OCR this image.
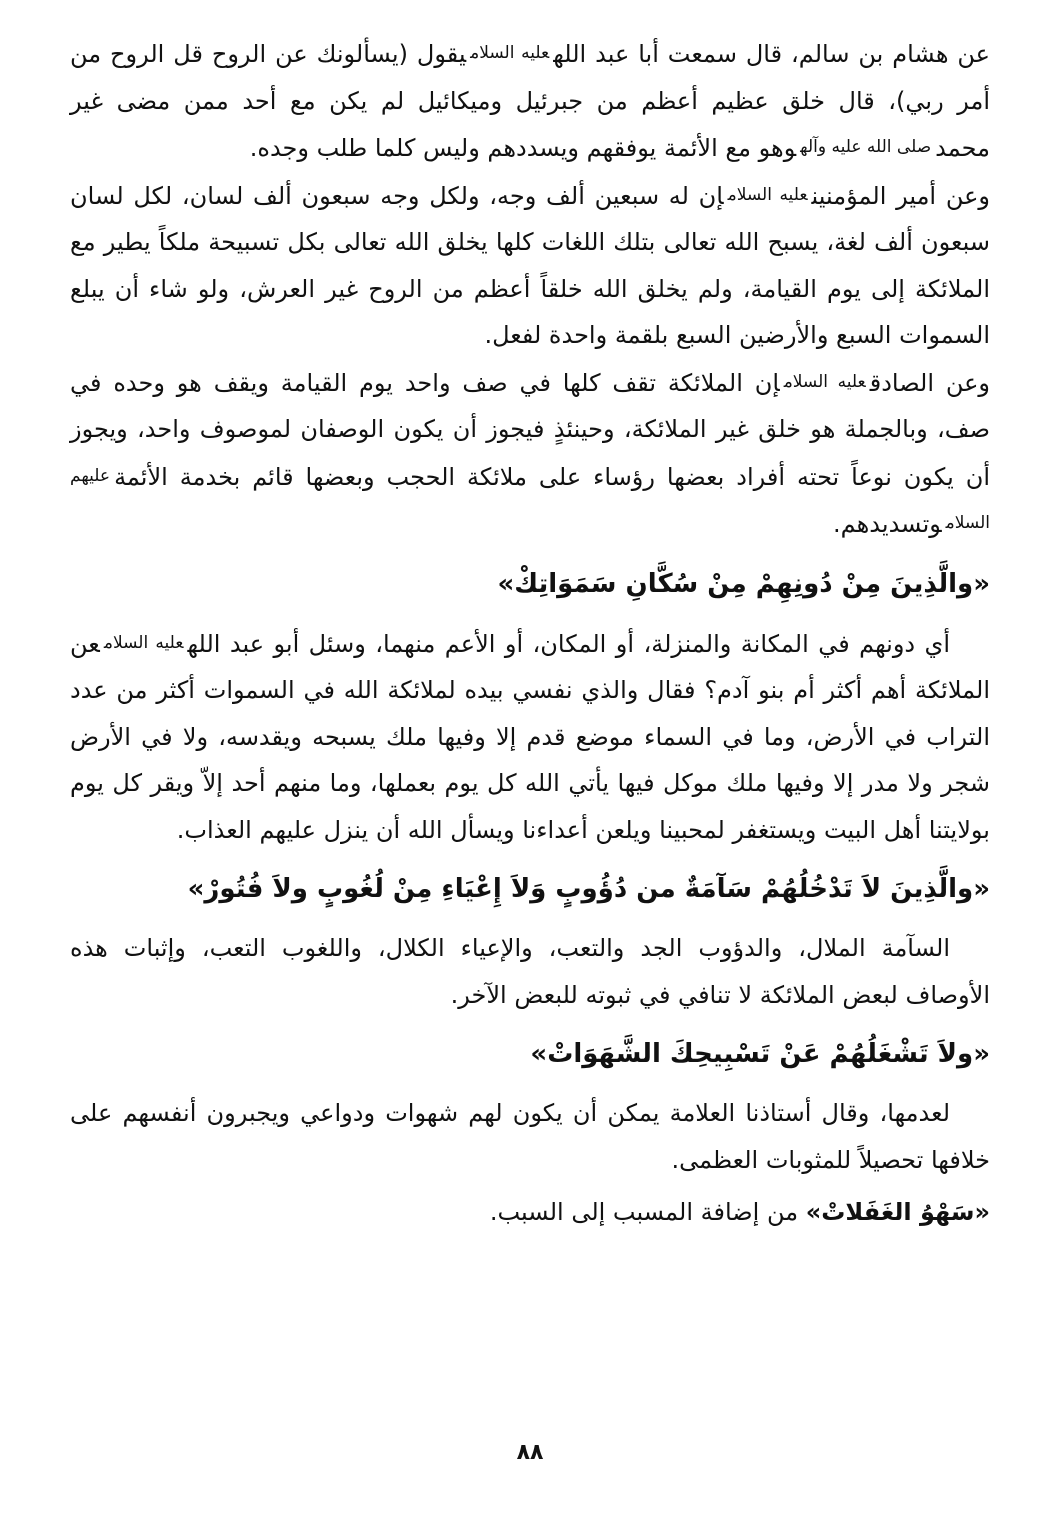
عن هشام بن سالم، قال سمعت أبا عبد اللهعليه السلاميقول (يسألونك عن الروح قل الروح من أمر ربي)، قال خلق عظيم أعظم من جبرئيل وميكائيل لم يكن مع أحد ممن مضى غير محمدصلى الله عليه وآلهوهو مع الأئمة يوفقهم ويسددهم وليس كلما طلب وجده.

وعن أمير المؤمنينعليه السلامإن له سبعين ألف وجه، ولكل وجه سبعون ألف لسان، لكل لسان سبعون ألف لغة، يسبح الله تعالى بتلك اللغات كلها يخلق الله تعالى بكل تسبيحة ملكاً يطير مع الملائكة إلى يوم القيامة، ولم يخلق الله خلقاً أعظم من الروح غير العرش، ولو شاء أن يبلع السموات السبع والأرضين السبع بلقمة واحدة لفعل.

وعن الصادقعليه السلامإن الملائكة تقف كلها في صف واحد يوم القيامة ويقف هو وحده في صف، وبالجملة هو خلق غير الملائكة، وحينئذٍ فيجوز أن يكون الوصفان لموصوف واحد، ويجوز أن يكون نوعاً تحته أفراد بعضها رؤساء على ملائكة الحجب وبعضها قائم بخدمة الأئمةعليهم السلاموتسديدهم.

«والَّذِينَ مِنْ دُونِهِمْ مِنْ سُكَّانِ سَمَوَاتِكْ»

أي دونهم في المكانة والمنزلة، أو المكان، أو الأعم منهما، وسئل أبو عبد اللهعليه السلامعن الملائكة أهم أكثر أم بنو آدم؟ فقال والذي نفسي بيده لملائكة الله في السموات أكثر من عدد التراب في الأرض، وما في السماء موضع قدم إلا وفيها ملك يسبحه ويقدسه، ولا في الأرض شجر ولا مدر إلا وفيها ملك موكل فيها يأتي الله كل يوم بعملها، وما منهم أحد إلاّ ويقر كل يوم بولايتنا أهل البيت ويستغفر لمحبينا ويلعن أعداءنا ويسأل الله أن ينزل عليهم العذاب.

«والَّذِينَ لاَ تَدْخُلُهُمْ سَآمَةٌ من دُؤُوبٍ وَلاَ إِعْيَاءِ مِنْ لُغُوبٍ ولاَ فُتُورْ»

السآمة الملال، والدؤوب الجد والتعب، والإعياء الكلال، واللغوب التعب، وإثبات هذه الأوصاف لبعض الملائكة لا تنافي في ثبوته للبعض الآخر.

«ولاَ تَشْغَلُهُمْ عَنْ تَسْبِيحِكَ الشَّهَوَاتْ»

لعدمها، وقال أستاذنا العلامة يمكن أن يكون لهم شهوات ودواعي ويجبرون أنفسهم على خلافها تحصيلاً للمثوبات العظمى.

«سَهْوُ الغَفَلاتْ» من إضافة المسبب إلى السبب.

٨٨
